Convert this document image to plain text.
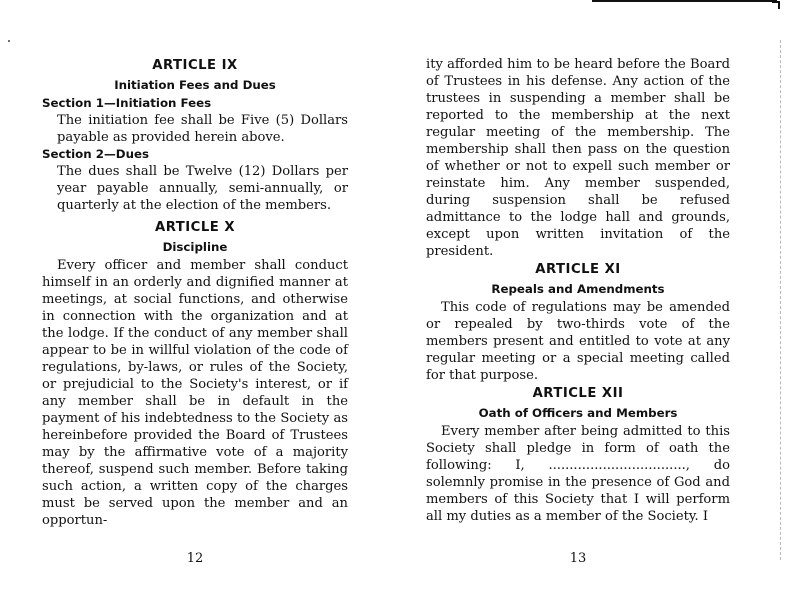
ARTICLE IX
Initiation Fees and Dues
Section 1—Initiation Fees

The initiation fee shall be Five (5) Dollars payable as provided herein above.

Section 2—Dues

The dues shall be Twelve (12) Dollars per year payable annually, semi-annually, or quarterly at the election of the members.

ARTICLE X
Discipline

Every officer and member shall conduct himself in an orderly and dignified manner at meetings, at social functions, and otherwise in connection with the organization and at the lodge. If the conduct of any member shall appear to be in willful violation of the code of regulations, by-laws, or rules of the Society, or prejudicial to the Society's interest, or if any member shall be in default in the payment of his indebtedness to the Society as hereinbefore provided the Board of Trustees may by the affirmative vote of a majority thereof, suspend such member. Before taking such action, a written copy of the charges must be served upon the member and an opportun-

12

ity afforded him to be heard before the Board of Trustees in his defense. Any action of the trustees in suspending a member shall be reported to the membership at the next regular meeting of the membership. The membership shall then pass on the question of whether or not to expell such member or reinstate him. Any member suspended, during suspension shall be refused admittance to the lodge hall and grounds, except upon written invitation of the president.

ARTICLE XI
Repeals and Amendments

This code of regulations may be amended or repealed by two-thirds vote of the members present and entitled to vote at any regular meeting or a special meeting called for that purpose.

ARTICLE XII
Oath of Officers and Members

Every member after being admitted to this Society shall pledge in form of oath the following: I, ................................., do solemnly promise in the presence of God and members of this Society that I will perform all my duties as a member of the Society. I

13
